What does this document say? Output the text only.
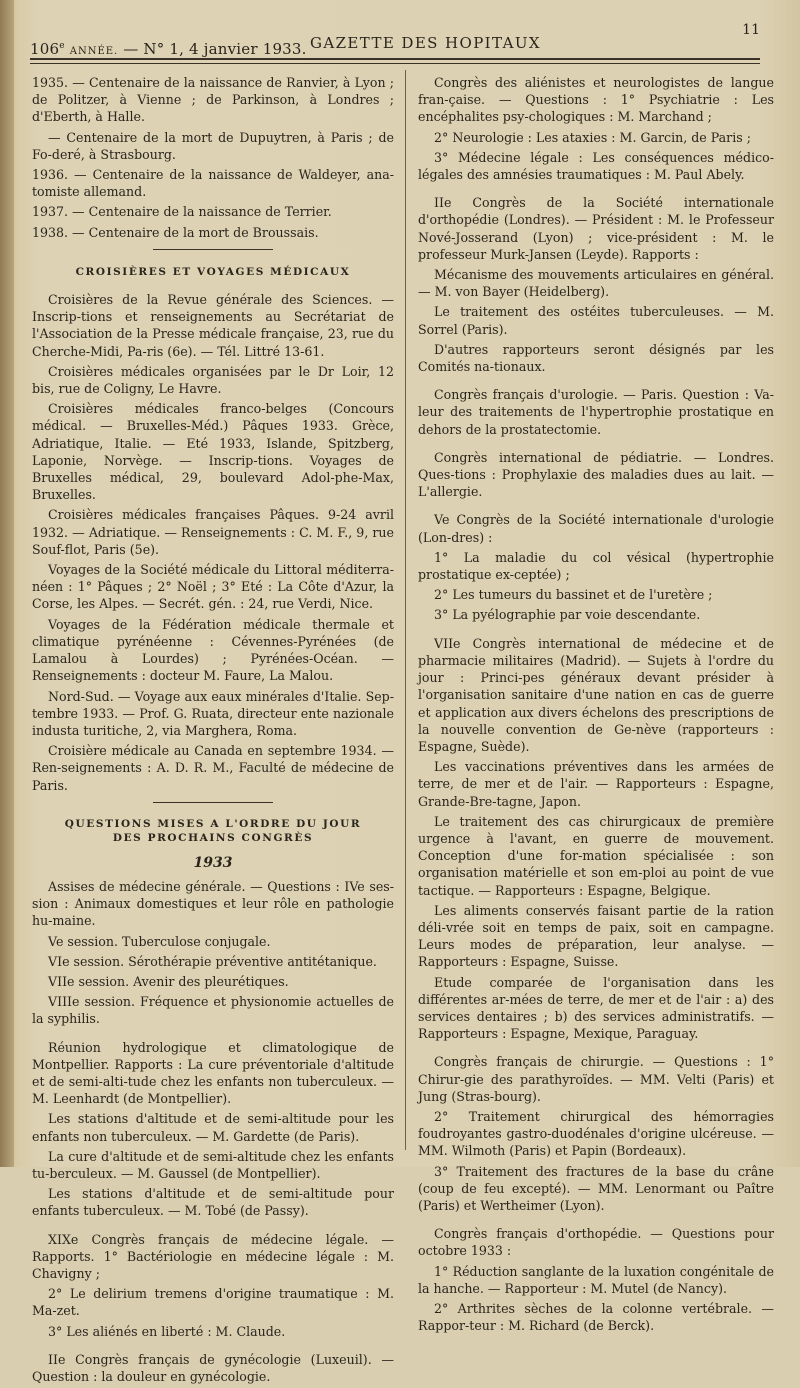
106e ANNÉE. — N° 1, 4 janvier 1933. GAZETTE DES HOPITAUX
11

1935. — Centenaire de la naissance de Ranvier, à Lyon ; de Politzer, à Vienne ; de Parkinson, à Londres ; d'Eberth, à Halle.

— Centenaire de la mort de Dupuytren, à Paris ; de Fo-deré, à Strasbourg.

1936. — Centenaire de la naissance de Waldeyer, ana-tomiste allemand.

1937. — Centenaire de la naissance de Terrier.

1938. — Centenaire de la mort de Broussais.

CROISIÈRES ET VOYAGES MÉDICAUX

Croisières de la Revue générale des Sciences. — Inscrip-tions et renseignements au Secrétariat de l'Association de la Presse médicale française, 23, rue du Cherche-Midi, Pa-ris (6e). — Tél. Littré 13-61.

Croisières médicales organisées par le Dr Loir, 12 bis, rue de Coligny, Le Havre.

Croisières médicales franco-belges (Concours médical. — Bruxelles-Méd.) Pâques 1933. Grèce, Adriatique, Italie. — Eté 1933, Islande, Spitzberg, Laponie, Norvège. — Inscrip-tions. Voyages de Bruxelles médical, 29, boulevard Adol-phe-Max, Bruxelles.

Croisières médicales françaises Pâques. 9-24 avril 1932. — Adriatique. — Renseignements : C. M. F., 9, rue Souf-flot, Paris (5e).

Voyages de la Société médicale du Littoral méditerra-néen : 1° Pâques ; 2° Noël ; 3° Eté : La Côte d'Azur, la Corse, les Alpes. — Secrét. gén. : 24, rue Verdi, Nice.

Voyages de la Fédération médicale thermale et climatique pyrénéenne : Cévennes-Pyrénées (de Lamalou à Lourdes) ; Pyrénées-Océan. — Renseignements : docteur M. Faure, La Malou.

Nord-Sud. — Voyage aux eaux minérales d'Italie. Sep-tembre 1933. — Prof. G. Ruata, directeur ente nazionale industa turitiche, 2, via Marghera, Roma.

Croisière médicale au Canada en septembre 1934. — Ren-seignements : A. D. R. M., Faculté de médecine de Paris.

QUESTIONS MISES A L'ORDRE DU JOUR
DES PROCHAINS CONGRÈS
1933

Assises de médecine générale. — Questions : IVe ses-sion : Animaux domestiques et leur rôle en pathologie hu-maine.

Ve session. Tuberculose conjugale.

VIe session. Sérothérapie préventive antitétanique.

VIIe session. Avenir des pleurétiques.

VIIIe session. Fréquence et physionomie actuelles de la syphilis.

Réunion hydrologique et climatologique de Montpellier. Rapports : La cure préventoriale d'altitude et de semi-alti-tude chez les enfants non tuberculeux. —M. Leenhardt (de Montpellier).

Les stations d'altitude et de semi-altitude pour les enfants non tuberculeux. — M. Gardette (de Paris).

La cure d'altitude et de semi-altitude chez les enfants tu-berculeux. — M. Gaussel (de Montpellier).

Les stations d'altitude et de semi-altitude pour enfants tuberculeux. — M. Tobé (de Passy).

XIXe Congrès français de médecine légale. — Rapports. 1° Bactériologie en médecine légale : M. Chavigny ;

2° Le delirium tremens d'origine traumatique : M. Ma-zet.

3° Les aliénés en liberté : M. Claude.

IIe Congrès français de gynécologie (Luxeuil). — Question : la douleur en gynécologie.

Congrès des aliénistes et neurologistes de langue fran-çaise. — Questions : 1° Psychiatrie : Les encéphalites psy-chologiques : M. Marchand ;

2° Neurologie : Les ataxies : M. Garcin, de Paris ;

3° Médecine légale : Les conséquences médico-légales des amnésies traumatiques : M. Paul Abely.

IIe Congrès de la Société internationale d'orthopédie (Londres). — Président : M. le Professeur Nové-Josserand (Lyon) ; vice-président : M. le professeur Murk-Jansen (Leyde). Rapports :

Mécanisme des mouvements articulaires en général. — M. von Bayer (Heidelberg).

Le traitement des ostéites tuberculeuses. — M. Sorrel (Paris).

D'autres rapporteurs seront désignés par les Comités na-tionaux.

Congrès français d'urologie. — Paris. Question : Va-leur des traitements de l'hypertrophie prostatique en dehors de la prostatectomie.

Congrès international de pédiatrie. — Londres. Ques-tions : Prophylaxie des maladies dues au lait. — L'allergie.

Ve Congrès de la Société internationale d'urologie (Lon-dres) :

1° La maladie du col vésical (hypertrophie prostatique ex-ceptée) ;

2° Les tumeurs du bassinet et de l'uretère ;

3° La pyélographie par voie descendante.

VIIe Congrès international de médecine et de pharmacie militaires (Madrid). — Sujets à l'ordre du jour : Princi-pes généraux devant présider à l'organisation sanitaire d'une nation en cas de guerre et application aux divers échelons des prescriptions de la nouvelle convention de Ge-nève (rapporteurs : Espagne, Suède).

Les vaccinations préventives dans les armées de terre, de mer et de l'air. — Rapporteurs : Espagne, Grande-Bre-tagne, Japon.

Le traitement des cas chirurgicaux de première urgence à l'avant, en guerre de mouvement. Conception d'une for-mation spécialisée : son organisation matérielle et son em-ploi au point de vue tactique. — Rapporteurs : Espagne, Belgique.

Les aliments conservés faisant partie de la ration déli-vrée soit en temps de paix, soit en campagne. Leurs modes de préparation, leur analyse. — Rapporteurs : Espagne, Suisse.

Etude comparée de l'organisation dans les différentes ar-mées de terre, de mer et de l'air : a) des services dentaires ; b) des services administratifs. — Rapporteurs : Espagne, Mexique, Paraguay.

Congrès français de chirurgie. — Questions : 1° Chirur-gie des parathyroïdes. — MM. Velti (Paris) et Jung (Stras-bourg).

2° Traitement chirurgical des hémorragies foudroyantes gastro-duodénales d'origine ulcéreuse. — MM. Wilmoth (Paris) et Papin (Bordeaux).

3° Traitement des fractures de la base du crâne (coup de feu excepté). — MM. Lenormant ou Paître (Paris) et Wertheimer (Lyon).

Congrès français d'orthopédie. — Questions pour octobre 1933 :

1° Réduction sanglante de la luxation congénitale de la hanche. — Rapporteur : M. Mutel (de Nancy).

2° Arthrites sèches de la colonne vertébrale. — Rappor-teur : M. Richard (de Berck).
